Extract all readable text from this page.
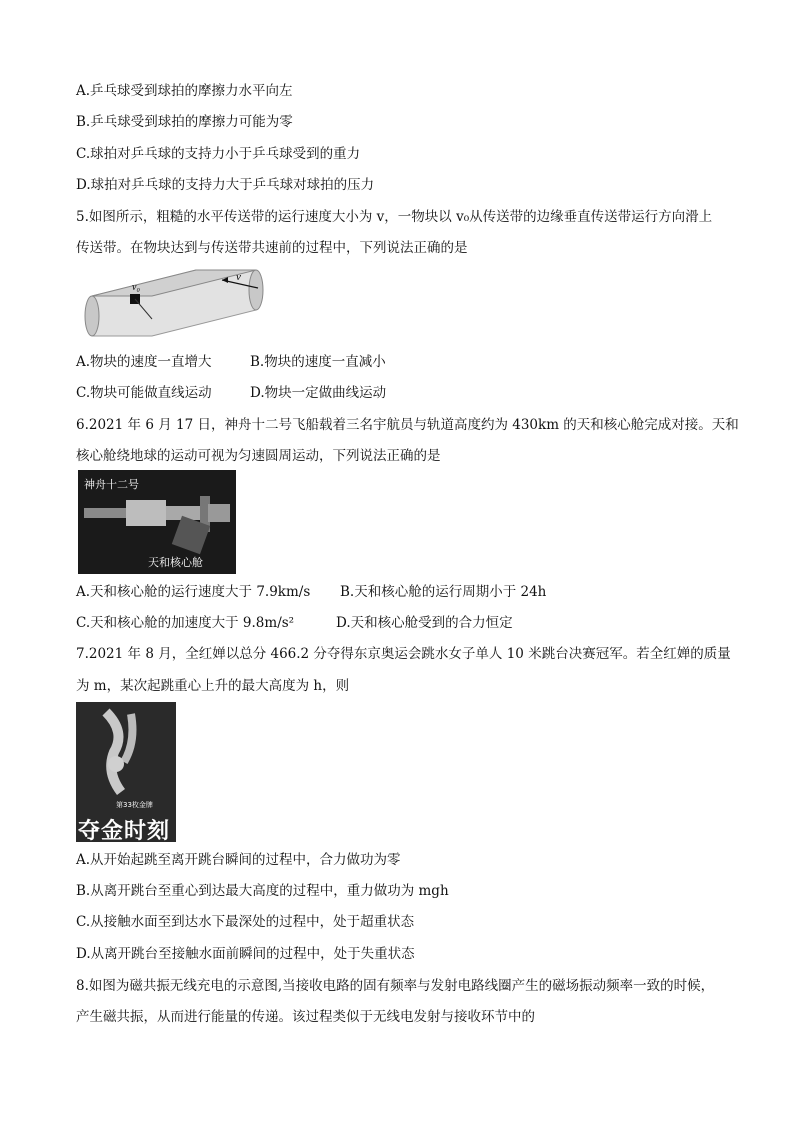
A.乒乓球受到球拍的摩擦力水平向左
B.乒乓球受到球拍的摩擦力可能为零
C.球拍对乒乓球的支持力小于乒乓球受到的重力
D.球拍对乒乓球的支持力大于乒乓球对球拍的压力
5.如图所示，粗糙的水平传送带的运行速度大小为 v，一物块以 v₀从传送带的边缘垂直传送带运行方向滑上
传送带。在物块达到与传送带共速前的过程中，下列说法正确的是
v
v₀
A.物块的速度一直增大	B.物块的速度一直减小
C.物块可能做直线运动	D.物块一定做曲线运动
6.2021 年 6 月 17 日，神舟十二号飞船载着三名宇航员与轨道高度约为 430km 的天和核心舱完成对接。天和
核心舱绕地球的运动可视为匀速圆周运动，下列说法正确的是
神舟十二号
天和核心舱
A.天和核心舱的运行速度大于 7.9km/s B.天和核心舱的运行周期小于 24h
C.天和核心舱的加速度大于 9.8m/s²	D.天和核心舱受到的合力恒定
7.2021 年 8 月，全红婵以总分 466.2 分夺得东京奥运会跳水女子单人 10 米跳台决赛冠军。若全红婵的质量
为 m，某次起跳重心上升的最大高度为 h，则
第33枚金牌
夺金时刻
A.从开始起跳至离开跳台瞬间的过程中，合力做功为零
B.从离开跳台至重心到达最大高度的过程中，重力做功为 mgh
C.从接触水面至到达水下最深处的过程中，处于超重状态
D.从离开跳台至接触水面前瞬间的过程中，处于失重状态
8.如图为磁共振无线充电的示意图,当接收电路的固有频率与发射电路线圈产生的磁场振动频率一致的时候，
产生磁共振，从而进行能量的传递。该过程类似于无线电发射与接收环节中的
